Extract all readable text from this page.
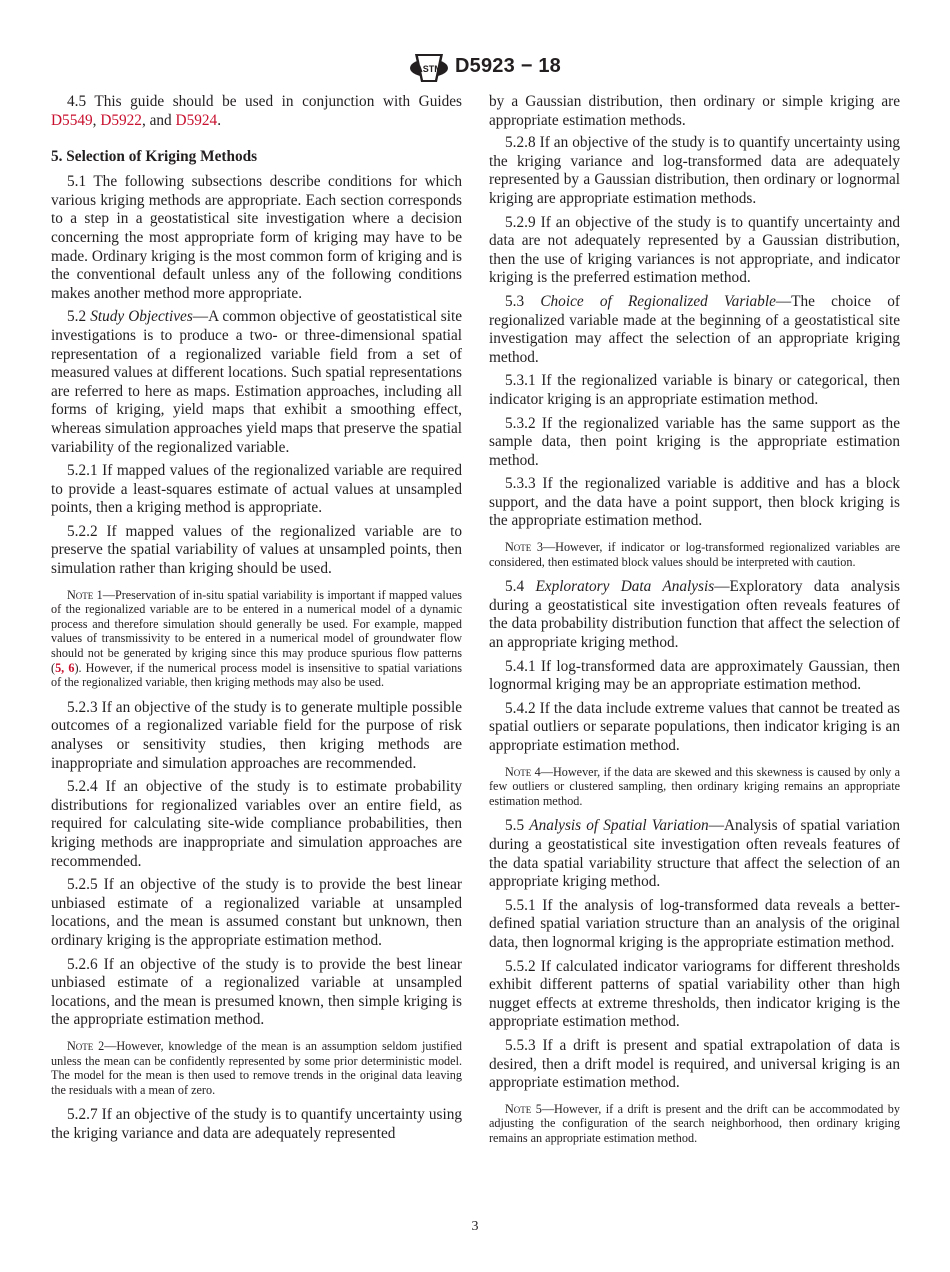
ASTM D5923 − 18

4.5 This guide should be used in conjunction with Guides D5549, D5922, and D5924.

5. Selection of Kriging Methods

5.1 The following subsections describe conditions for which various kriging methods are appropriate. Each section corresponds to a step in a geostatistical site investigation where a decision concerning the most appropriate form of kriging may have to be made. Ordinary kriging is the most common form of kriging and is the conventional default unless any of the following conditions makes another method more appropriate.

5.2 Study Objectives—A common objective of geostatistical site investigations is to produce a two- or three-dimensional spatial representation of a regionalized variable field from a set of measured values at different locations. Such spatial representations are referred to here as maps. Estimation approaches, including all forms of kriging, yield maps that exhibit a smoothing effect, whereas simulation approaches yield maps that preserve the spatial variability of the regionalized variable.

5.2.1 If mapped values of the regionalized variable are required to provide a least-squares estimate of actual values at unsampled points, then a kriging method is appropriate.

5.2.2 If mapped values of the regionalized variable are to preserve the spatial variability of values at unsampled points, then simulation rather than kriging should be used.

Note 1—Preservation of in-situ spatial variability is important if mapped values of the regionalized variable are to be entered in a numerical model of a dynamic process and therefore simulation should generally be used. For example, mapped values of transmissivity to be entered in a numerical model of groundwater flow should not be generated by kriging since this may produce spurious flow patterns (5, 6). However, if the numerical process model is insensitive to spatial variations of the regionalized variable, then kriging methods may also be used.

5.2.3 If an objective of the study is to generate multiple possible outcomes of a regionalized variable field for the purpose of risk analyses or sensitivity studies, then kriging methods are inappropriate and simulation approaches are recommended.

5.2.4 If an objective of the study is to estimate probability distributions for regionalized variables over an entire field, as required for calculating site-wide compliance probabilities, then kriging methods are inappropriate and simulation approaches are recommended.

5.2.5 If an objective of the study is to provide the best linear unbiased estimate of a regionalized variable at unsampled locations, and the mean is assumed constant but unknown, then ordinary kriging is the appropriate estimation method.

5.2.6 If an objective of the study is to provide the best linear unbiased estimate of a regionalized variable at unsampled locations, and the mean is presumed known, then simple kriging is the appropriate estimation method.

Note 2—However, knowledge of the mean is an assumption seldom justified unless the mean can be confidently represented by some prior deterministic model. The model for the mean is then used to remove trends in the original data leaving the residuals with a mean of zero.

5.2.7 If an objective of the study is to quantify uncertainty using the kriging variance and data are adequately represented

by a Gaussian distribution, then ordinary or simple kriging are appropriate estimation methods.

5.2.8 If an objective of the study is to quantify uncertainty using the kriging variance and log-transformed data are adequately represented by a Gaussian distribution, then ordinary or lognormal kriging are appropriate estimation methods.

5.2.9 If an objective of the study is to quantify uncertainty and data are not adequately represented by a Gaussian distribution, then the use of kriging variances is not appropriate, and indicator kriging is the preferred estimation method.

5.3 Choice of Regionalized Variable—The choice of regionalized variable made at the beginning of a geostatistical site investigation may affect the selection of an appropriate kriging method.

5.3.1 If the regionalized variable is binary or categorical, then indicator kriging is an appropriate estimation method.

5.3.2 If the regionalized variable has the same support as the sample data, then point kriging is the appropriate estimation method.

5.3.3 If the regionalized variable is additive and has a block support, and the data have a point support, then block kriging is the appropriate estimation method.

Note 3—However, if indicator or log-transformed regionalized variables are considered, then estimated block values should be interpreted with caution.

5.4 Exploratory Data Analysis—Exploratory data analysis during a geostatistical site investigation often reveals features of the data probability distribution function that affect the selection of an appropriate kriging method.

5.4.1 If log-transformed data are approximately Gaussian, then lognormal kriging may be an appropriate estimation method.

5.4.2 If the data include extreme values that cannot be treated as spatial outliers or separate populations, then indicator kriging is an appropriate estimation method.

Note 4—However, if the data are skewed and this skewness is caused by only a few outliers or clustered sampling, then ordinary kriging remains an appropriate estimation method.

5.5 Analysis of Spatial Variation—Analysis of spatial variation during a geostatistical site investigation often reveals features of the data spatial variability structure that affect the selection of an appropriate kriging method.

5.5.1 If the analysis of log-transformed data reveals a better-defined spatial variation structure than an analysis of the original data, then lognormal kriging is the appropriate estimation method.

5.5.2 If calculated indicator variograms for different thresholds exhibit different patterns of spatial variability other than high nugget effects at extreme thresholds, then indicator kriging is the appropriate estimation method.

5.5.3 If a drift is present and spatial extrapolation of data is desired, then a drift model is required, and universal kriging is an appropriate estimation method.

Note 5—However, if a drift is present and the drift can be accommodated by adjusting the configuration of the search neighborhood, then ordinary kriging remains an appropriate estimation method.

3
